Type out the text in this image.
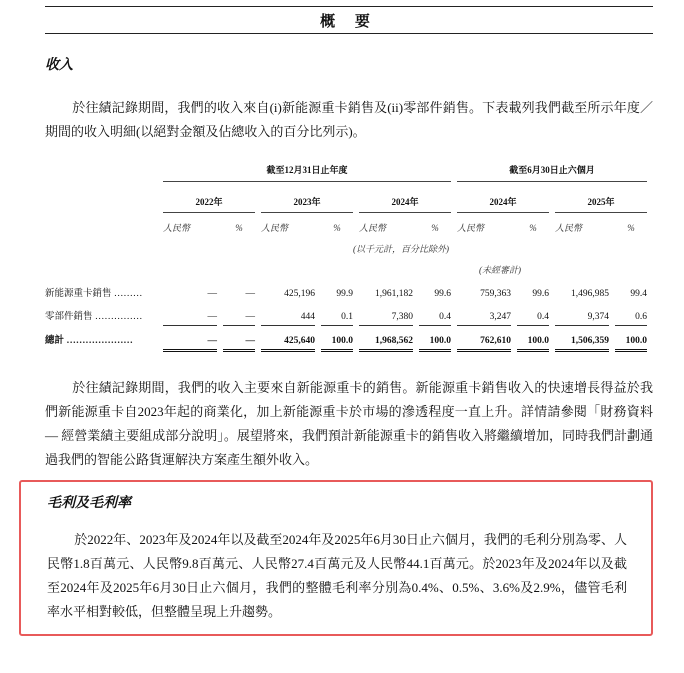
概 要
收入

於往績記錄期間，我們的收入來自(i)新能源重卡銷售及(ii)零部件銷售。下表載列我們截至所示年度／期間的收入明細(以絕對金額及佔總收入的百分比列示)。

截至12月31日止年度	截至6月30日止六個月
2022年
人民幣	%
2023年
人民幣	%
2024年
人民幣	%
2024年
人民幣	%
2025年
人民幣	%
(以千元計，百分比除外)
(未經審計)
新能源重卡銷售 ………	—	—	425,196	99.9	1,961,182	99.6	759,363	99.6	1,496,985	99.4
零部件銷售 ……………	—	—	444	0.1	7,380	0.4	3,247	0.4	9,374	0.6
總計 …………………	—	—	425,640	100.0	1,968,562	100.0	762,610	100.0	1,506,359	100.0

於往績記錄期間，我們的收入主要來自新能源重卡的銷售。新能源重卡銷售收入的快速增長得益於我們新能源重卡自2023年起的商業化，加上新能源重卡於市場的滲透程度一直上升。詳情請參閱「財務資料 — 經營業績主要組成部分說明」。展望將來，我們預計新能源重卡的銷售收入將繼續增加，同時我們計劃通過我們的智能公路貨運解決方案產生額外收入。

毛利及毛利率

於2022年、2023年及2024年以及截至2024年及2025年6月30日止六個月，我們的毛利分別為零、人民幣1.8百萬元、人民幣9.8百萬元、人民幣27.4百萬元及人民幣44.1百萬元。於2023年及2024年以及截至2024年及2025年6月30日止六個月，我們的整體毛利率分別為0.4%、0.5%、3.6%及2.9%，儘管毛利率水平相對較低，但整體呈現上升趨勢。
